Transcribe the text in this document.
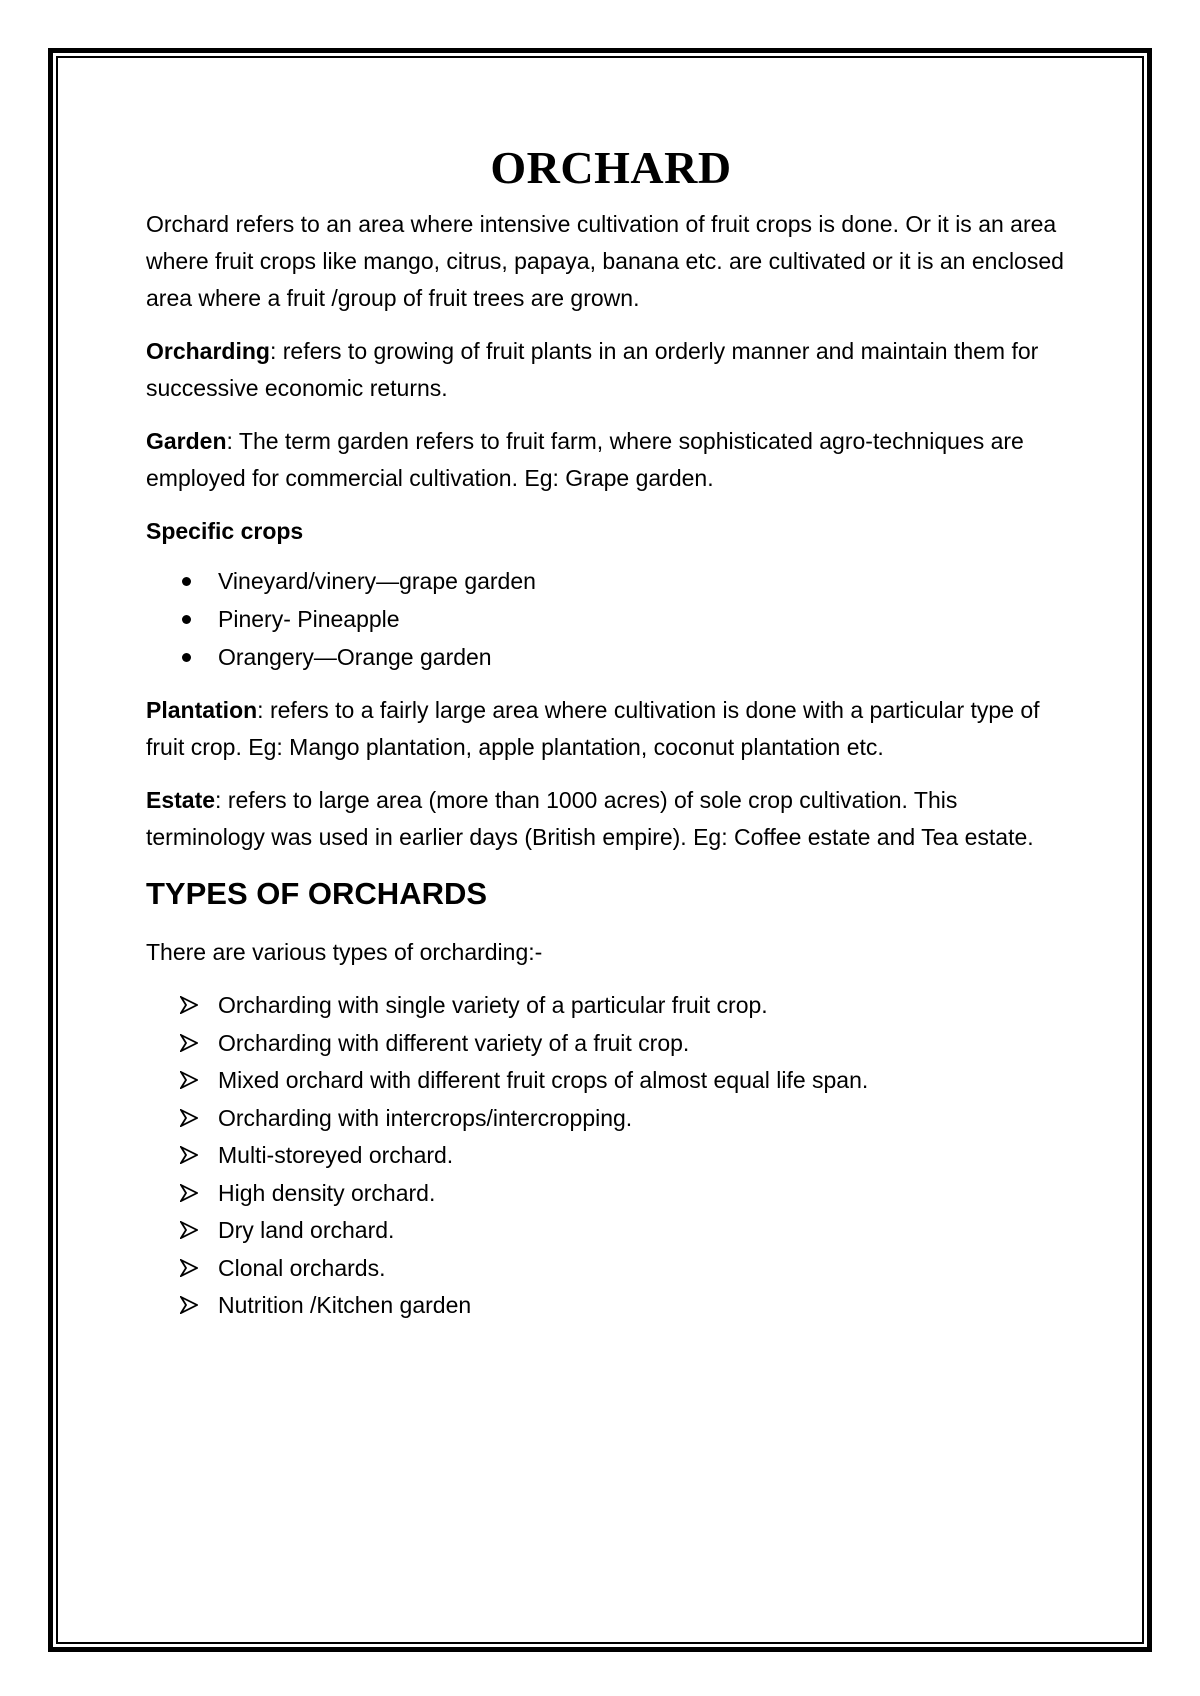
ORCHARD

Orchard refers to an area where intensive cultivation of fruit crops is done. Or it is an area where fruit crops like mango, citrus, papaya, banana etc. are cultivated or it is an enclosed area where a fruit /group of fruit trees are grown.

Orcharding: refers to growing of fruit plants in an orderly manner and maintain them for successive economic returns.

Garden: The term garden refers to fruit farm, where sophisticated agro-techniques are employed for commercial cultivation. Eg: Grape garden.

Specific crops

Vineyard/vinery—grape garden
Pinery- Pineapple
Orangery—Orange garden

Plantation: refers to a fairly large area where cultivation is done with a particular type of fruit crop. Eg: Mango plantation, apple plantation, coconut plantation etc.

Estate: refers to large area (more than 1000 acres) of sole crop cultivation. This terminology was used in earlier days (British empire). Eg: Coffee estate and Tea estate.

TYPES OF ORCHARDS

There are various types of orcharding:-

Orcharding with single variety of a particular fruit crop.
Orcharding with different variety of a fruit crop.
Mixed orchard with different fruit crops of almost equal life span.
Orcharding with intercrops/intercropping.
Multi-storeyed orchard.
High density orchard.
Dry land orchard.
Clonal orchards.
Nutrition /Kitchen garden
